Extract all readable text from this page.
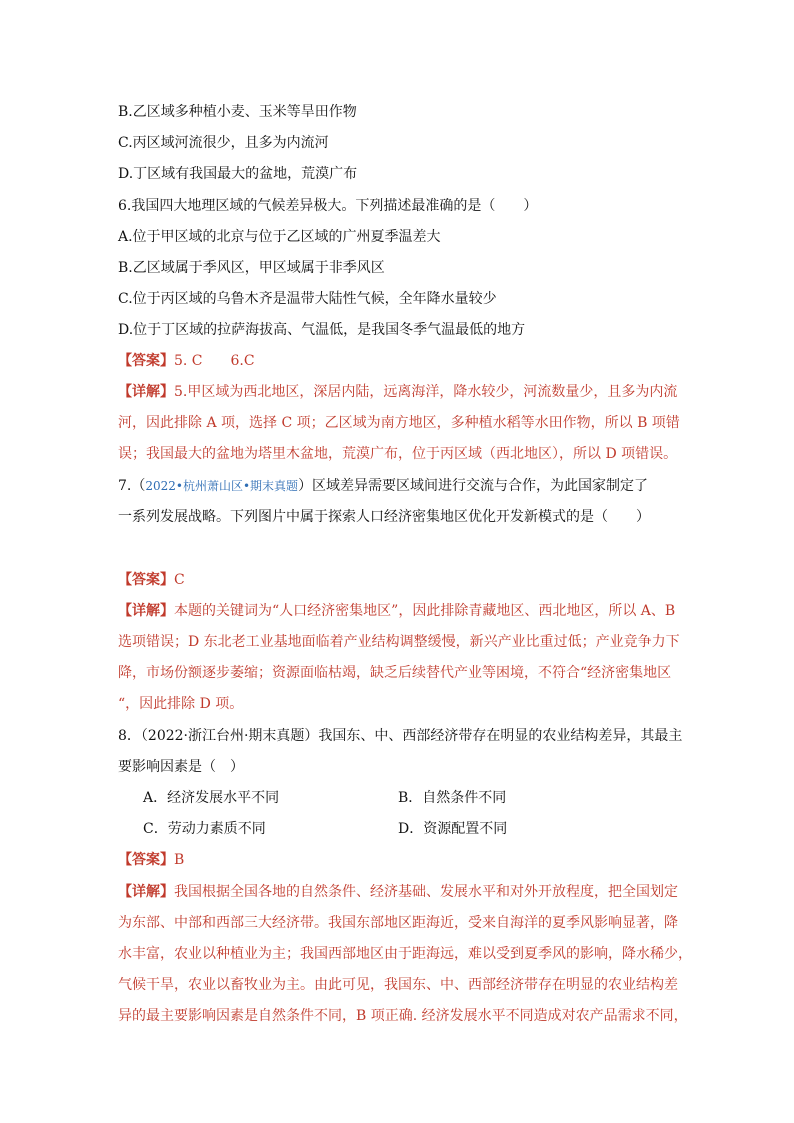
B.乙区域多种植小麦、玉米等旱田作物
C.丙区域河流很少，且多为内流河
D.丁区域有我国最大的盆地，荒漠广布
6.我国四大地理区域的气候差异极大。下列描述最准确的是（　　）
A.位于甲区域的北京与位于乙区域的广州夏季温差大
B.乙区域属于季风区，甲区域属于非季风区
C.位于丙区域的乌鲁木齐是温带大陆性气候，全年降水量较少
D.位于丁区域的拉萨海拔高、气温低，是我国冬季气温最低的地方
【答案】5. C　　6.C
【详解】5.甲区域为西北地区，深居内陆，远离海洋，降水较少，河流数量少，且多为内流
河，因此排除 A 项，选择 C 项；乙区域为南方地区，多种植水稻等水田作物，所以 B 项错
误；我国最大的盆地为塔里木盆地，荒漠广布，位于丙区域（西北地区），所以 D 项错误。
7.（2022•杭州萧山区•期末真题）区域差异需要区域间进行交流与合作，为此国家制定了
一系列发展战略。下列图片中属于探索人口经济密集地区优化开发新模式的是（　　）
【答案】C
【详解】本题的关键词为“人口经济密集地区”，因此排除青藏地区、西北地区，所以 A、B
选项错误；D 东北老工业基地面临着产业结构调整缓慢，新兴产业比重过低；产业竞争力下
降，市场份额逐步萎缩；资源面临枯竭，缺乏后续替代产业等困境，不符合“经济密集地区
“，因此排除 D 项。
8．（2022·浙江台州·期末真题）我国东、中、西部经济带存在明显的农业结构差异，其最主
要影响因素是（　）
A．经济发展水平不同	B．自然条件不同
C．劳动力素质不同	D．资源配置不同
【答案】B
【详解】我国根据全国各地的自然条件、经济基础、发展水平和对外开放程度，把全国划定
为东部、中部和西部三大经济带。我国东部地区距海近，受来自海洋的夏季风影响显著，降
水丰富，农业以种植业为主；我国西部地区由于距海远，难以受到夏季风的影响，降水稀少，
气候干旱，农业以畜牧业为主。由此可见，我国东、中、西部经济带存在明显的农业结构差
异的最主要影响因素是自然条件不同，B 项正确. 经济发展水平不同造成对农产品需求不同，
